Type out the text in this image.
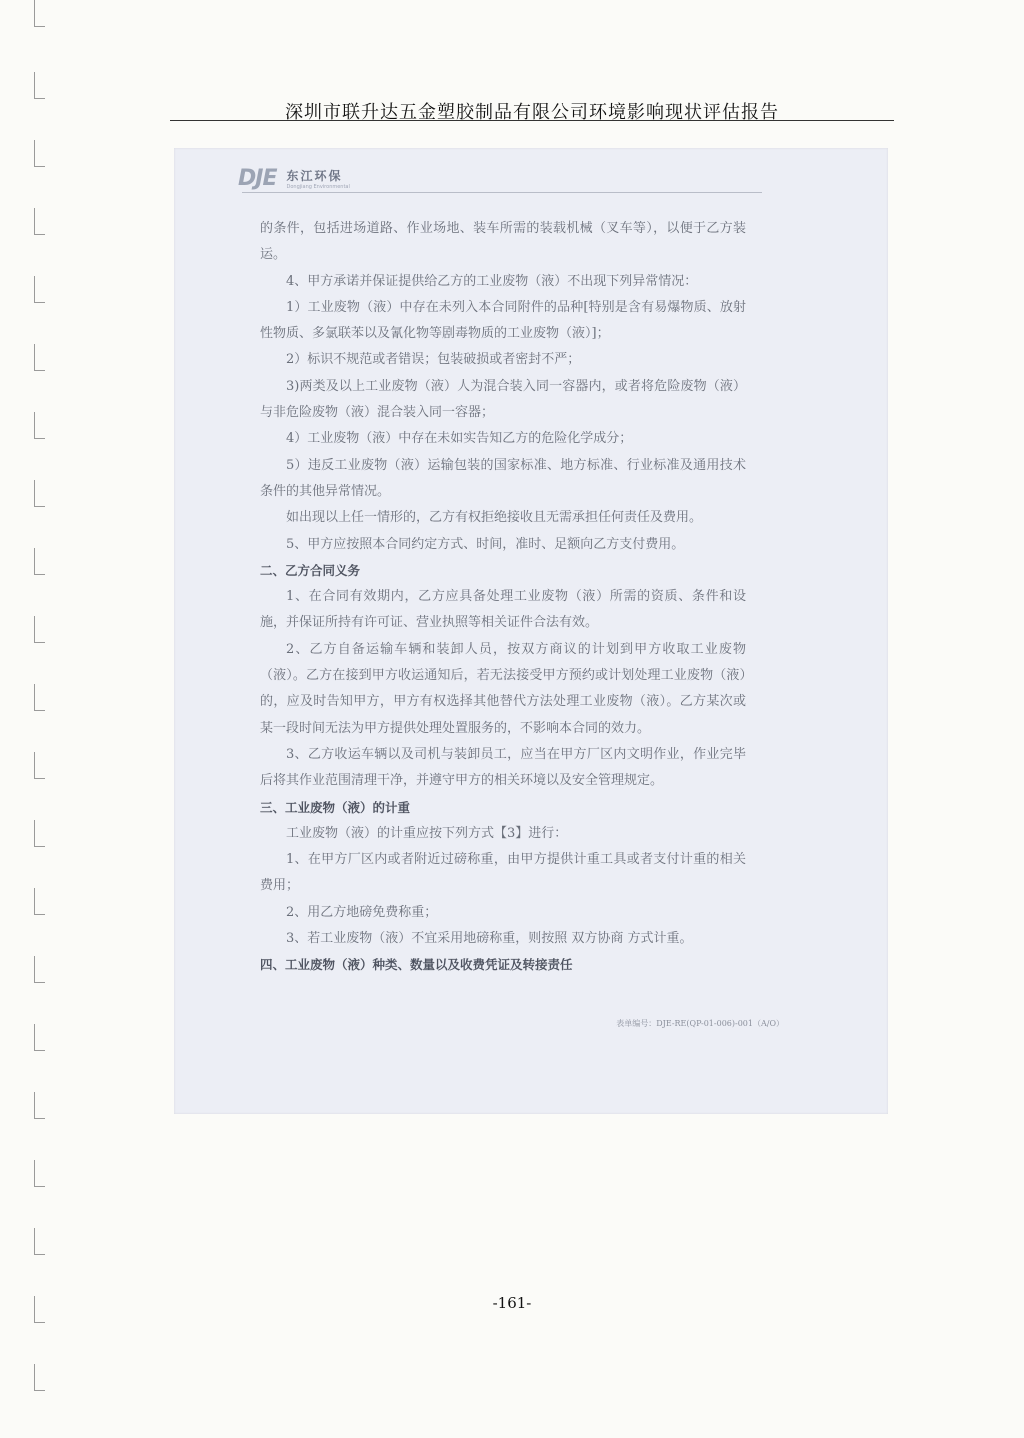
深圳市联升达五金塑胶制品有限公司环境影响现状评估报告
DJE 东江环保
Dongjiang Environmental

的条件，包括进场道路、作业场地、装车所需的装载机械（叉车等），以便于乙方装运。

4、甲方承诺并保证提供给乙方的工业废物（液）不出现下列异常情况：

1）工业废物（液）中存在未列入本合同附件的品种[特别是含有易爆物质、放射性物质、多氯联苯以及氰化物等剧毒物质的工业废物（液）]；

2）标识不规范或者错误；包装破损或者密封不严；

3)两类及以上工业废物（液）人为混合装入同一容器内，或者将危险废物（液）与非危险废物（液）混合装入同一容器；

4）工业废物（液）中存在未如实告知乙方的危险化学成分；

5）违反工业废物（液）运输包装的国家标准、地方标准、行业标准及通用技术条件的其他异常情况。

如出现以上任一情形的，乙方有权拒绝接收且无需承担任何责任及费用。

5、甲方应按照本合同约定方式、时间，准时、足额向乙方支付费用。

二、乙方合同义务

1、在合同有效期内，乙方应具备处理工业废物（液）所需的资质、条件和设施，并保证所持有许可证、营业执照等相关证件合法有效。

2、乙方自备运输车辆和装卸人员，按双方商议的计划到甲方收取工业废物（液）。乙方在接到甲方收运通知后，若无法接受甲方预约或计划处理工业废物（液）的，应及时告知甲方，甲方有权选择其他替代方法处理工业废物（液）。乙方某次或某一段时间无法为甲方提供处理处置服务的，不影响本合同的效力。

3、乙方收运车辆以及司机与装卸员工，应当在甲方厂区内文明作业，作业完毕后将其作业范围清理干净，并遵守甲方的相关环境以及安全管理规定。

三、工业废物（液）的计重

工业废物（液）的计重应按下列方式【3】进行：

1、在甲方厂区内或者附近过磅称重，由甲方提供计重工具或者支付计重的相关费用；

2、用乙方地磅免费称重；

3、若工业废物（液）不宜采用地磅称重，则按照 双方协商 方式计重。

四、工业废物（液）种类、数量以及收费凭证及转接责任

表单编号：DJE-RE(QP-01-006)-001（A/O）
-161-
